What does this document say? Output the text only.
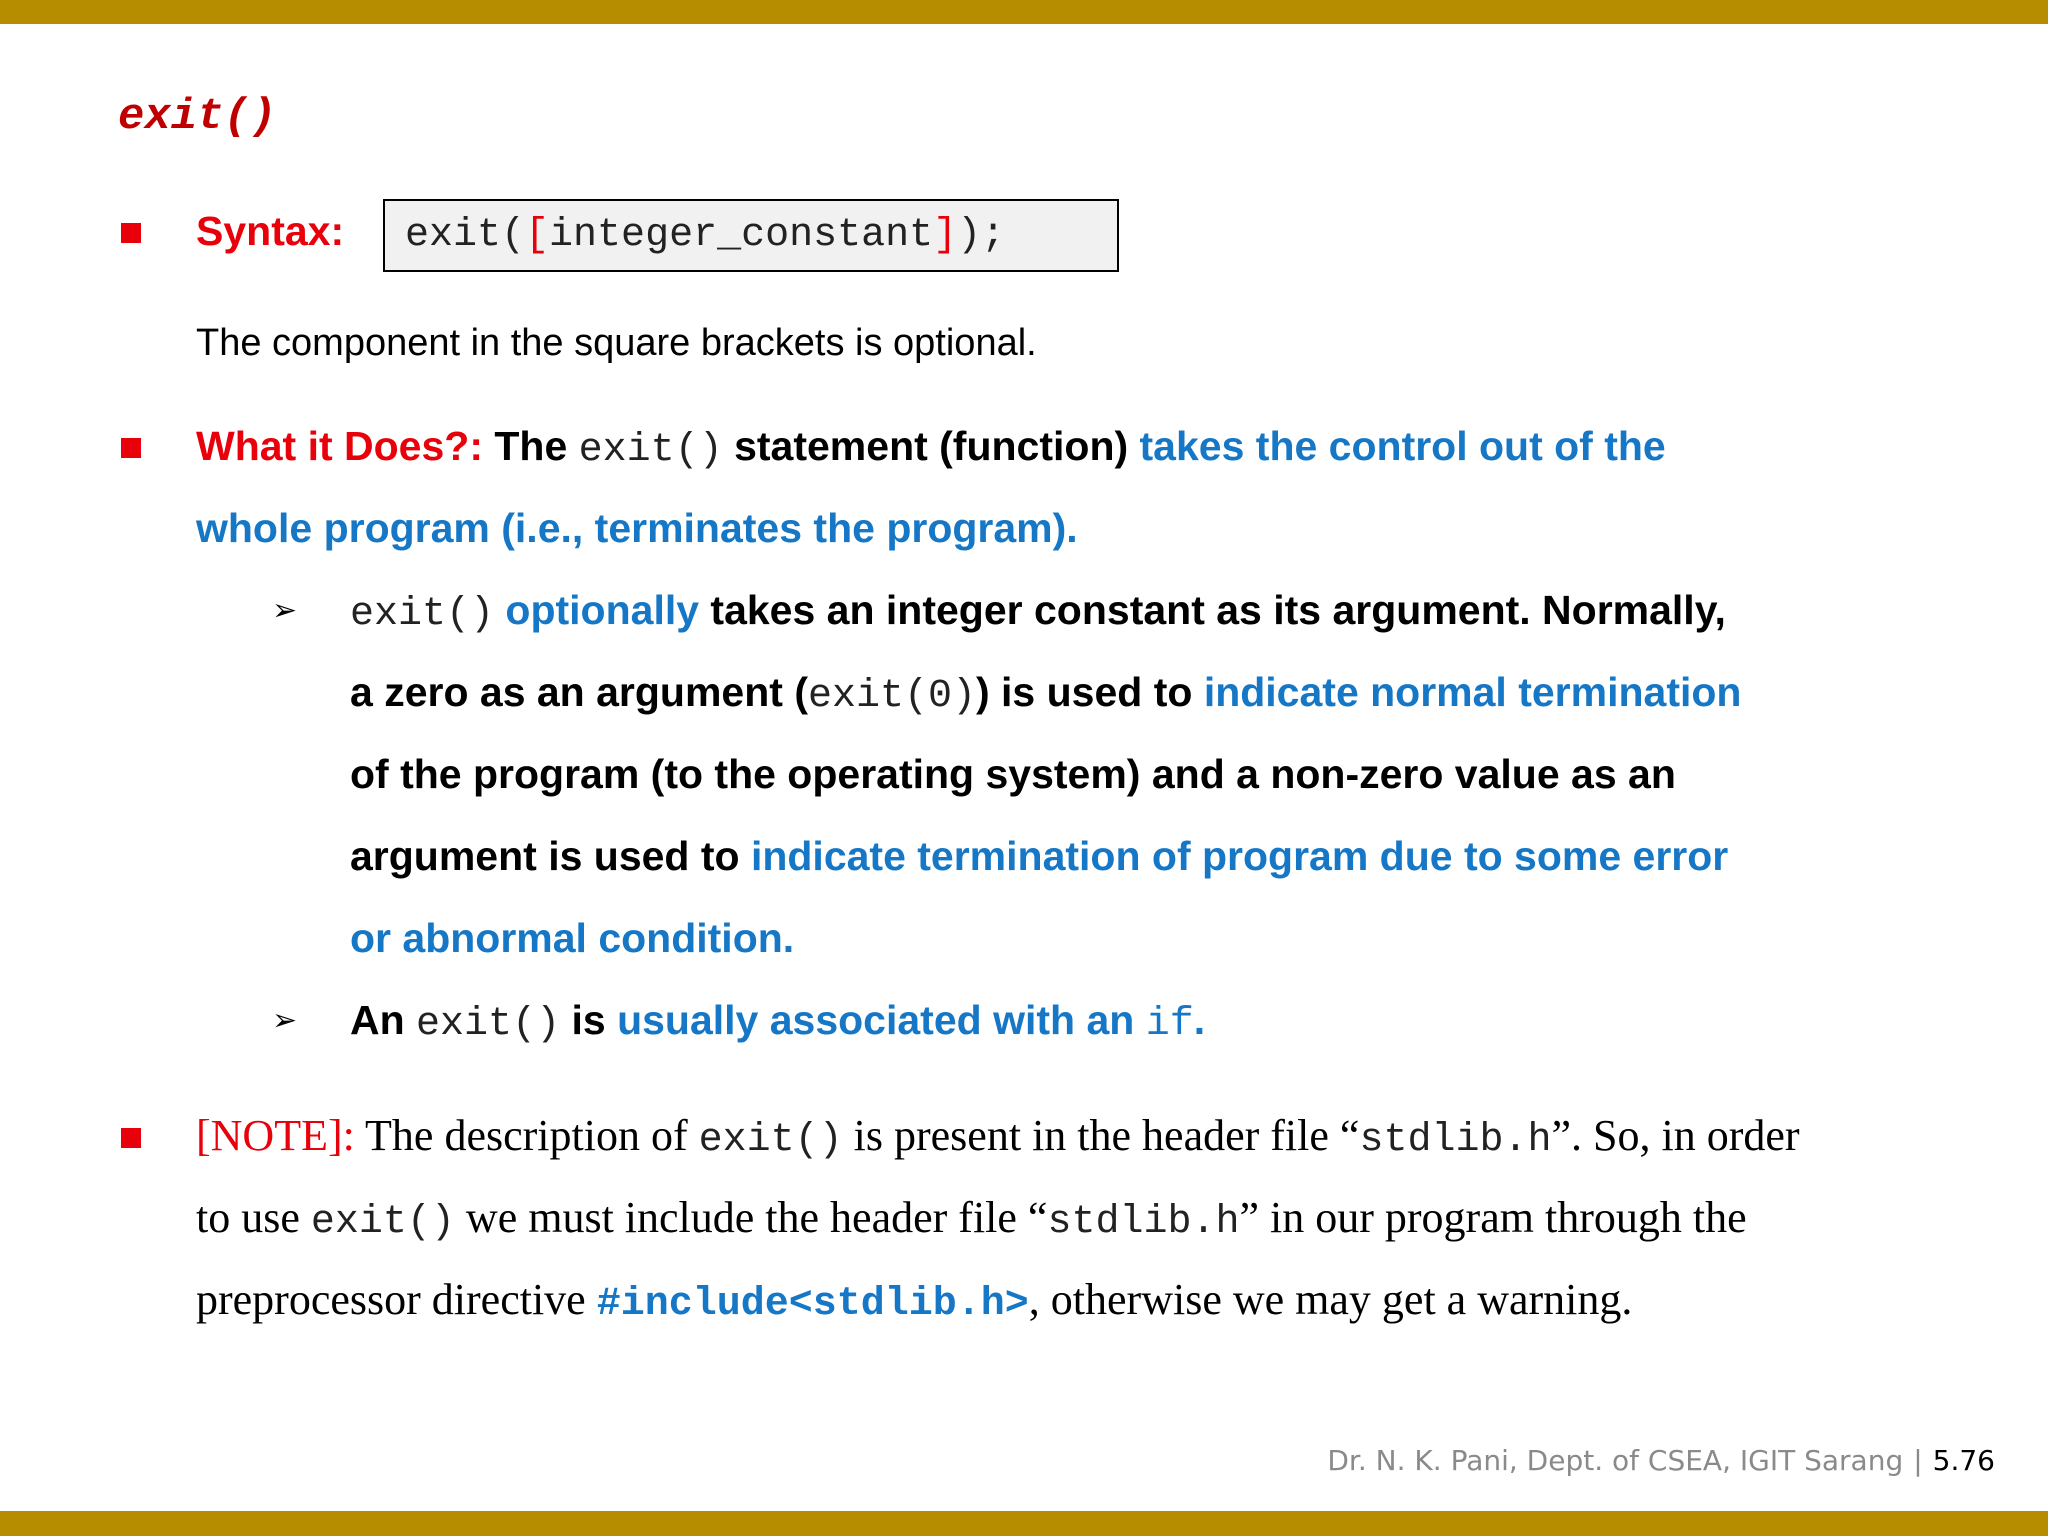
exit()
Syntax:	exit([integer_constant]);
The component in the square brackets is optional.
What it Does?: The exit() statement (function) takes the control out of the
whole program (i.e., terminates the program).
➢ exit() optionally takes an integer constant as its argument. Normally,
a zero as an argument (exit(0)) is used to indicate normal termination
of the program (to the operating system) and a non-zero value as an
argument is used to indicate termination of program due to some error
or abnormal condition.
➢ An exit() is usually associated with an if.
[NOTE]: The description of exit() is present in the header file “stdlib.h”. So, in order
to use exit() we must include the header file “stdlib.h” in our program through the
preprocessor directive #include<stdlib.h>, otherwise we may get a warning.
Dr. N. K. Pani, Dept. of CSEA, IGIT Sarang | 5.76
